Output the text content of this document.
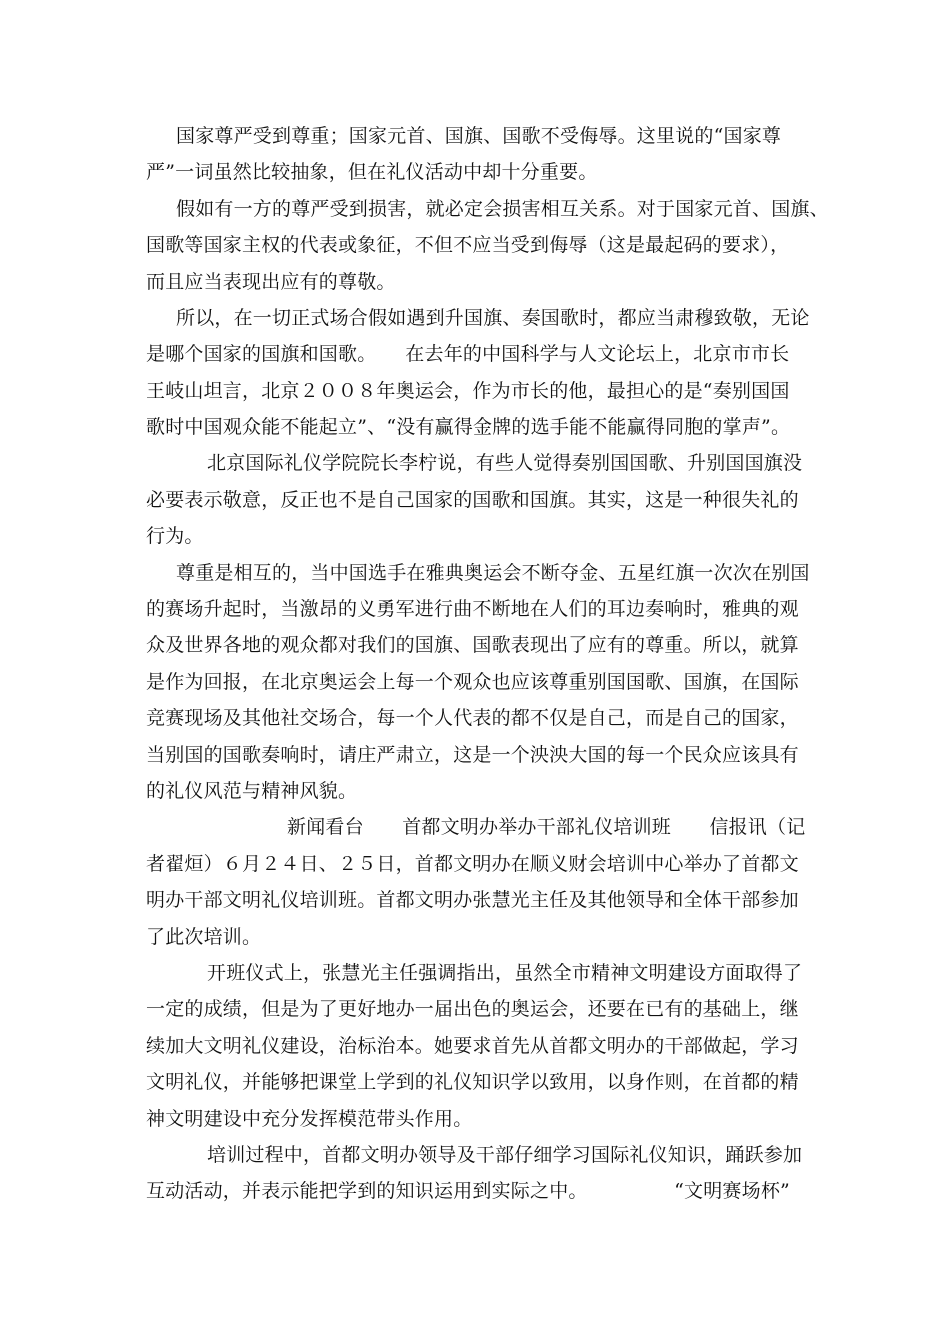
国家尊严受到尊重；国家元首、国旗、国歌不受侮辱。这里说的“国家尊
严”一词虽然比较抽象，但在礼仪活动中却十分重要。
假如有一方的尊严受到损害，就必定会损害相互关系。对于国家元首、国旗、
国歌等国家主权的代表或象征，不但不应当受到侮辱（这是最起码的要求），
而且应当表现出应有的尊敬。
所以，在一切正式场合假如遇到升国旗、奏国歌时，都应当肃穆致敬，无论
是哪个国家的国旗和国歌。　　在去年的中国科学与人文论坛上，北京市市长
王岐山坦言，北京２００８年奥运会，作为市长的他，最担心的是“奏别国国
歌时中国观众能不能起立”、“没有赢得金牌的选手能不能赢得同胞的掌声”。
北京国际礼仪学院院长李柠说，有些人觉得奏别国国歌、升别国国旗没
必要表示敬意，反正也不是自己国家的国歌和国旗。其实，这是一种很失礼的
行为。
尊重是相互的，当中国选手在雅典奥运会不断夺金、五星红旗一次次在别国
的赛场升起时，当激昂的义勇军进行曲不断地在人们的耳边奏响时，雅典的观
众及世界各地的观众都对我们的国旗、国歌表现出了应有的尊重。所以，就算
是作为回报，在北京奥运会上每一个观众也应该尊重别国国歌、国旗，在国际
竞赛现场及其他社交场合，每一个人代表的都不仅是自己，而是自己的国家，
当别国的国歌奏响时，请庄严肃立，这是一个泱泱大国的每一个民众应该具有
的礼仪风范与精神风貌。
新闻看台　　首都文明办举办干部礼仪培训班　　信报讯（记
者翟烜）６月２４日、２５日，首都文明办在顺义财会培训中心举办了首都文
明办干部文明礼仪培训班。首都文明办张慧光主任及其他领导和全体干部参加
了此次培训。
开班仪式上，张慧光主任强调指出，虽然全市精神文明建设方面取得了
一定的成绩，但是为了更好地办一届出色的奥运会，还要在已有的基础上，继
续加大文明礼仪建设，治标治本。她要求首先从首都文明办的干部做起，学习
文明礼仪，并能够把课堂上学到的礼仪知识学以致用，以身作则，在首都的精
神文明建设中充分发挥模范带头作用。
培训过程中，首都文明办领导及干部仔细学习国际礼仪知识，踊跃参加
互动活动，并表示能把学到的知识运用到实际之中。　　　　　“文明赛场杯”
